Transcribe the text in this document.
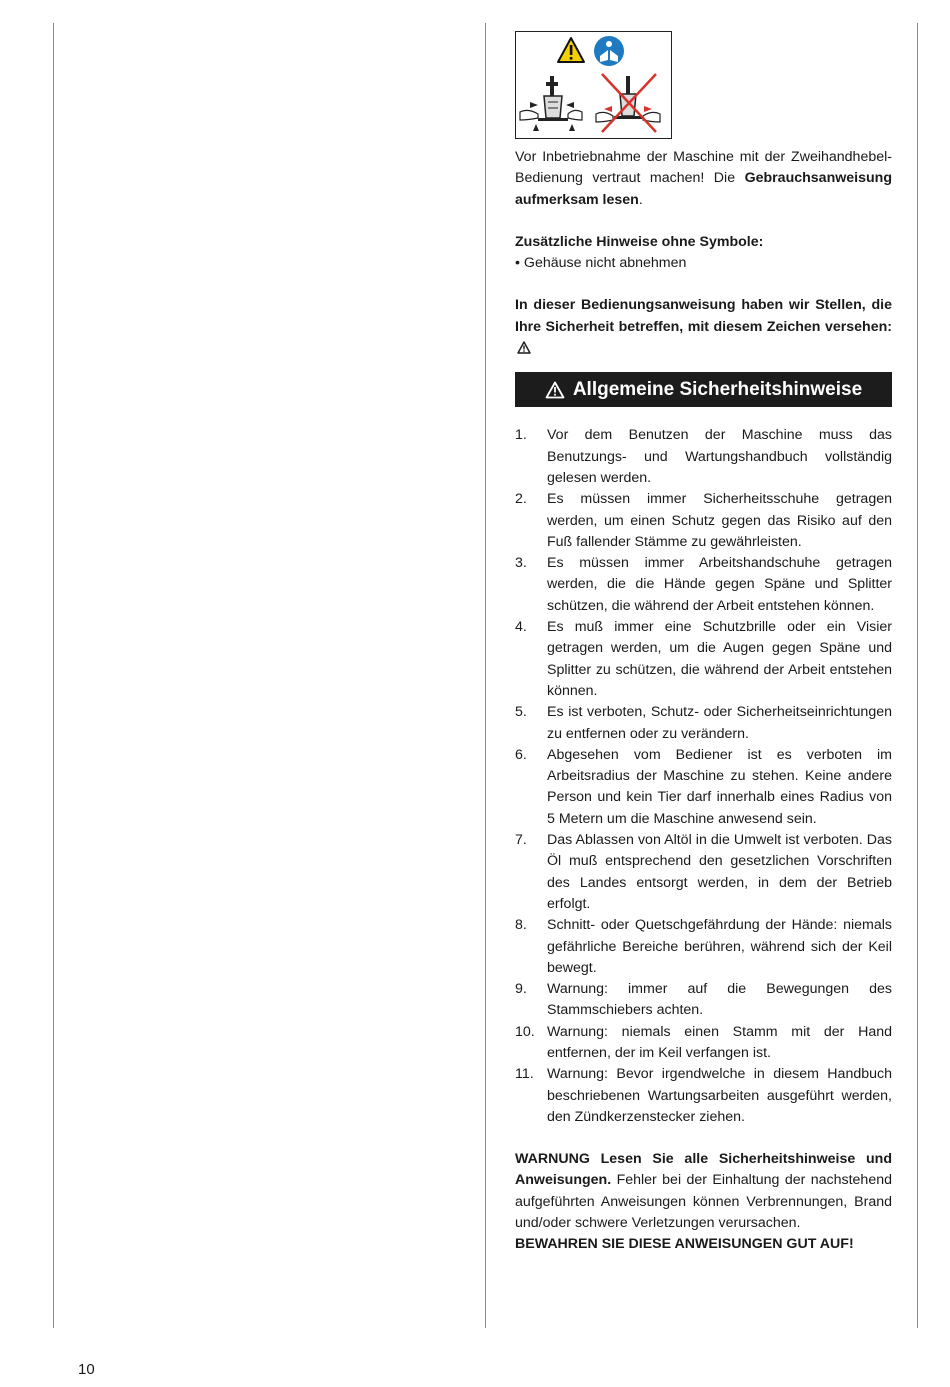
Vor Inbetriebnahme der Maschine mit der Zweihandhebel-Bedienung vertraut machen! Die Gebrauchsanweisung aufmerksam lesen.

Zusätzliche Hinweise ohne Symbole:

• Gehäuse nicht abnehmen

In dieser Bedienungsanweisung haben wir Stellen, die Ihre Sicherheit betreffen, mit diesem Zeichen versehen:

Allgemeine Sicherheitshinweise
1.	Vor dem Benutzen der Maschine muss das Benutzungs- und Wartungshandbuch vollständig gelesen werden.
2.	Es müssen immer Sicherheitsschuhe getragen werden, um einen Schutz gegen das Risiko auf den Fuß fallender Stämme zu gewährleisten.
3.	Es müssen immer Arbeitshandschuhe getragen werden, die die Hände gegen Späne und Splitter schützen, die während der Arbeit entstehen können.
4.	Es muß immer eine Schutzbrille oder ein Visier getragen werden, um die Augen gegen Späne und Splitter zu schützen, die während der Arbeit entstehen können.
5.	Es ist verboten, Schutz- oder Sicherheitseinrichtungen zu entfernen oder zu verändern.
6.	Abgesehen vom Bediener ist es verboten im Arbeitsradius der Maschine zu stehen. Keine andere Person und kein Tier darf innerhalb eines Radius von 5 Metern um die Maschine anwesend sein.
7.	Das Ablassen von Altöl in die Umwelt ist verboten. Das Öl muß entsprechend den gesetzlichen Vorschriften des Landes entsorgt werden, in dem der Betrieb erfolgt.
8.	Schnitt- oder Quetschgefährdung der Hände: niemals gefährliche Bereiche berühren, während sich der Keil bewegt.
9.	Warnung: immer auf die Bewegungen des Stammschiebers achten.
10. Warnung: niemals einen Stamm mit der Hand entfernen, der im Keil verfangen ist.
11. Warnung: Bevor irgendwelche in diesem Handbuch beschriebenen Wartungsarbeiten ausgeführt werden, den Zündkerzenstecker ziehen.

WARNUNG Lesen Sie alle Sicherheitshinweise und Anweisungen. Fehler bei der Einhaltung der nachstehend aufgeführten Anweisungen können Verbrennungen, Brand und/oder schwere Verletzungen verursachen.

BEWAHREN SIE DIESE ANWEISUNGEN GUT AUF!

10
